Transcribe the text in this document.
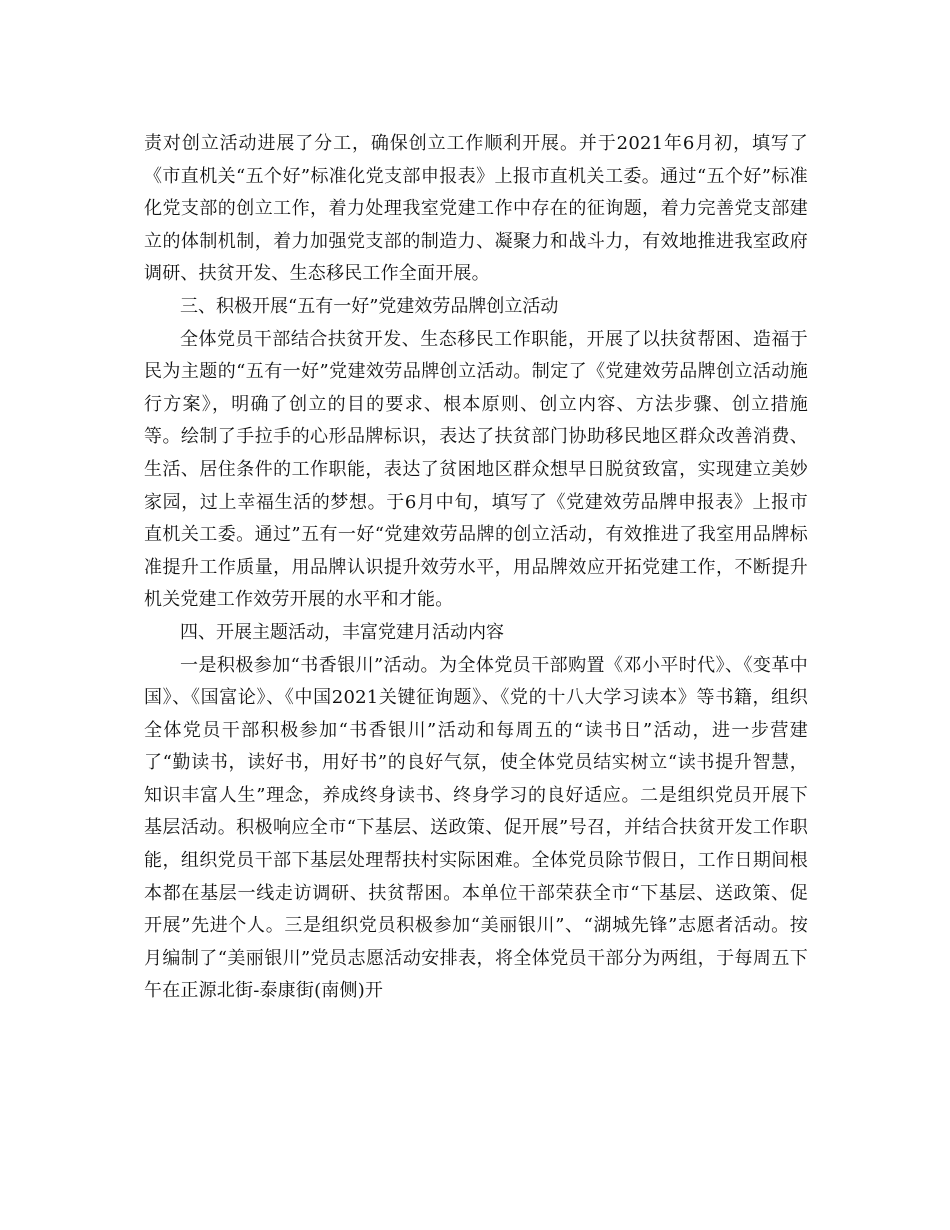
责对创立活动进展了分工，确保创立工作顺利开展。并于2021年6月初，填写了《市直机关“五个好”标准化党支部申报表》上报市直机关工委。通过“五个好”标准化党支部的创立工作，着力处理我室党建工作中存在的征询题，着力完善党支部建立的体制机制，着力加强党支部的制造力、凝聚力和战斗力，有效地推进我室政府调研、扶贫开发、生态移民工作全面开展。

三、积极开展“五有一好”党建效劳品牌创立活动

全体党员干部结合扶贫开发、生态移民工作职能，开展了以扶贫帮困、造福于民为主题的“五有一好”党建效劳品牌创立活动。制定了《党建效劳品牌创立活动施行方案》，明确了创立的目的要求、根本原则、创立内容、方法步骤、创立措施等。绘制了手拉手的心形品牌标识，表达了扶贫部门协助移民地区群众改善消费、生活、居住条件的工作职能，表达了贫困地区群众想早日脱贫致富，实现建立美妙家园，过上幸福生活的梦想。于6月中旬，填写了《党建效劳品牌申报表》上报市直机关工委。通过”五有一好“党建效劳品牌的创立活动，有效推进了我室用品牌标准提升工作质量，用品牌认识提升效劳水平，用品牌效应开拓党建工作，不断提升机关党建工作效劳开展的水平和才能。

四、开展主题活动，丰富党建月活动内容

一是积极参加“书香银川”活动。为全体党员干部购置《邓小平时代》、《变革中国》、《国富论》、《中国2021关键征询题》、《党的十八大学习读本》等书籍，组织全体党员干部积极参加“书香银川”活动和每周五的“读书日”活动，进一步营建了“勤读书，读好书，用好书”的良好气氛，使全体党员结实树立“读书提升智慧，知识丰富人生”理念，养成终身读书、终身学习的良好适应。二是组织党员开展下基层活动。积极响应全市“下基层、送政策、促开展”号召，并结合扶贫开发工作职能，组织党员干部下基层处理帮扶村实际困难。全体党员除节假日，工作日期间根本都在基层一线走访调研、扶贫帮困。本单位干部荣获全市“下基层、送政策、促开展”先进个人。三是组织党员积极参加“美丽银川”、“湖城先锋”志愿者活动。按月编制了“美丽银川”党员志愿活动安排表，将全体党员干部分为两组，于每周五下午在正源北街-泰康街(南侧)开
